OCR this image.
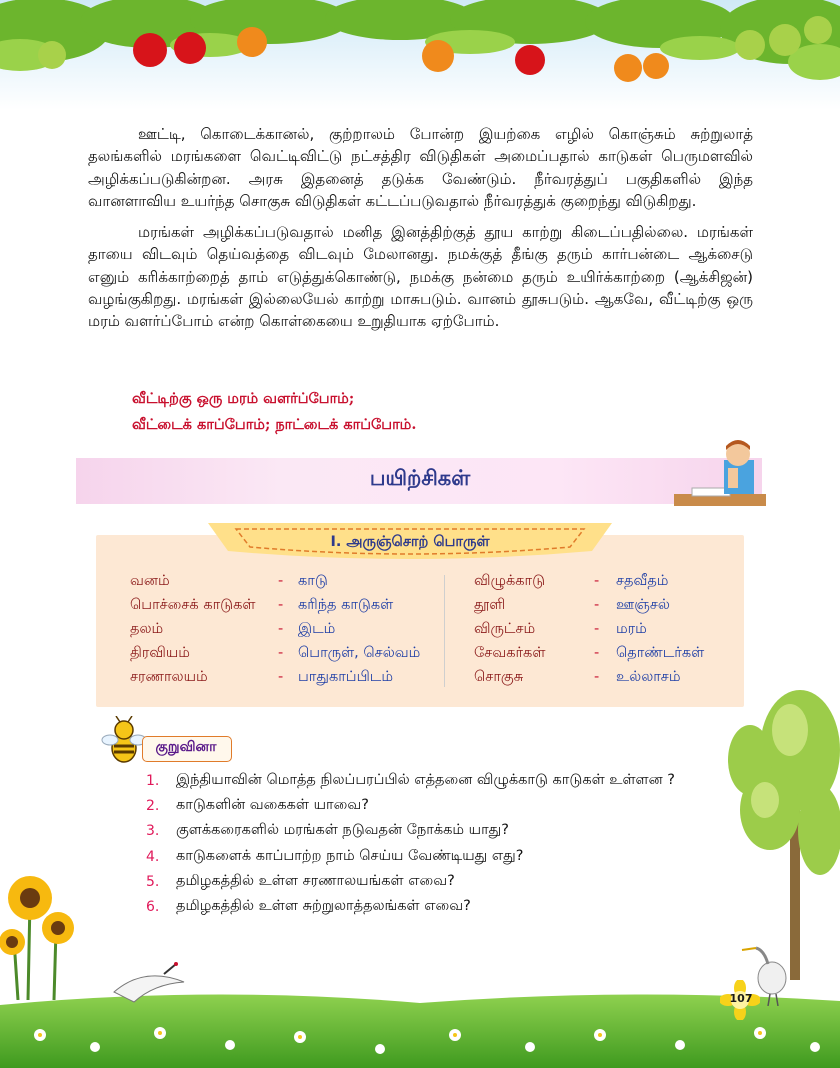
ஊட்டி, கொடைக்கானல், குற்றாலம் போன்ற இயற்கை எழில் கொஞ்சும் சுற்றுலாத் தலங்களில் மரங்களை வெட்டிவிட்டு நட்சத்திர விடுதிகள் அமைப்பதால் காடுகள் பெருமளவில் அழிக்கப்படுகின்றன. அரசு இதனைத் தடுக்க வேண்டும். நீர்வரத்துப் பகுதிகளில் இந்த வானளாவிய உயர்ந்த சொகுசு விடுதிகள் கட்டப்படுவதால் நீர்வரத்துக் குறைந்து விடுகிறது.

மரங்கள் அழிக்கப்படுவதால் மனித இனத்திற்குத் தூய காற்று கிடைப்பதில்லை. மரங்கள் தாயை விடவும் தெய்வத்தை விடவும் மேலானது. நமக்குத் தீங்கு தரும் கார்பன்டை ஆக்சைடு எனும் கரிக்காற்றைத் தாம் எடுத்துக்கொண்டு, நமக்கு நன்மை தரும் உயிர்க்காற்றை (ஆக்சிஜன்) வழங்குகிறது. மரங்கள் இல்லையேல் காற்று மாசுபடும். வானம் தூசுபடும். ஆகவே, வீட்டிற்கு ஒரு மரம் வளர்ப்போம் என்ற கொள்கையை உறுதியாக ஏற்போம்.

வீட்டிற்கு ஒரு மரம் வளர்ப்போம்;
வீட்டைக் காப்போம்; நாட்டைக் காப்போம்.
பயிற்சிகள்
I. அருஞ்சொற் பொருள்
வனம்	- காடு
பொச்சைக் காடுகள் - கரிந்த காடுகள்
தலம்	- இடம்
திரவியம்	- பொருள், செல்வம்
சரணாலயம்	- பாதுகாப்பிடம்
விழுக்காடு	- சதவீதம்
தூளி	- ஊஞ்சல்
விருட்சம்	- மரம்
சேவகர்கள்	- தொண்டர்கள்
சொகுசு	- உல்லாசம்
குறுவினா
1. இந்தியாவின் மொத்த நிலப்பரப்பில் எத்தனை விழுக்காடு காடுகள் உள்ளன ?
2. காடுகளின் வகைகள் யாவை?
3. குளக்கரைகளில் மரங்கள் நடுவதன் நோக்கம் யாது?
4. காடுகளைக் காப்பாற்ற நாம் செய்ய வேண்டியது எது?
5. தமிழகத்தில் உள்ள சரணாலயங்கள் எவை?
6. தமிழகத்தில் உள்ள சுற்றுலாத்தலங்கள் எவை?
107
